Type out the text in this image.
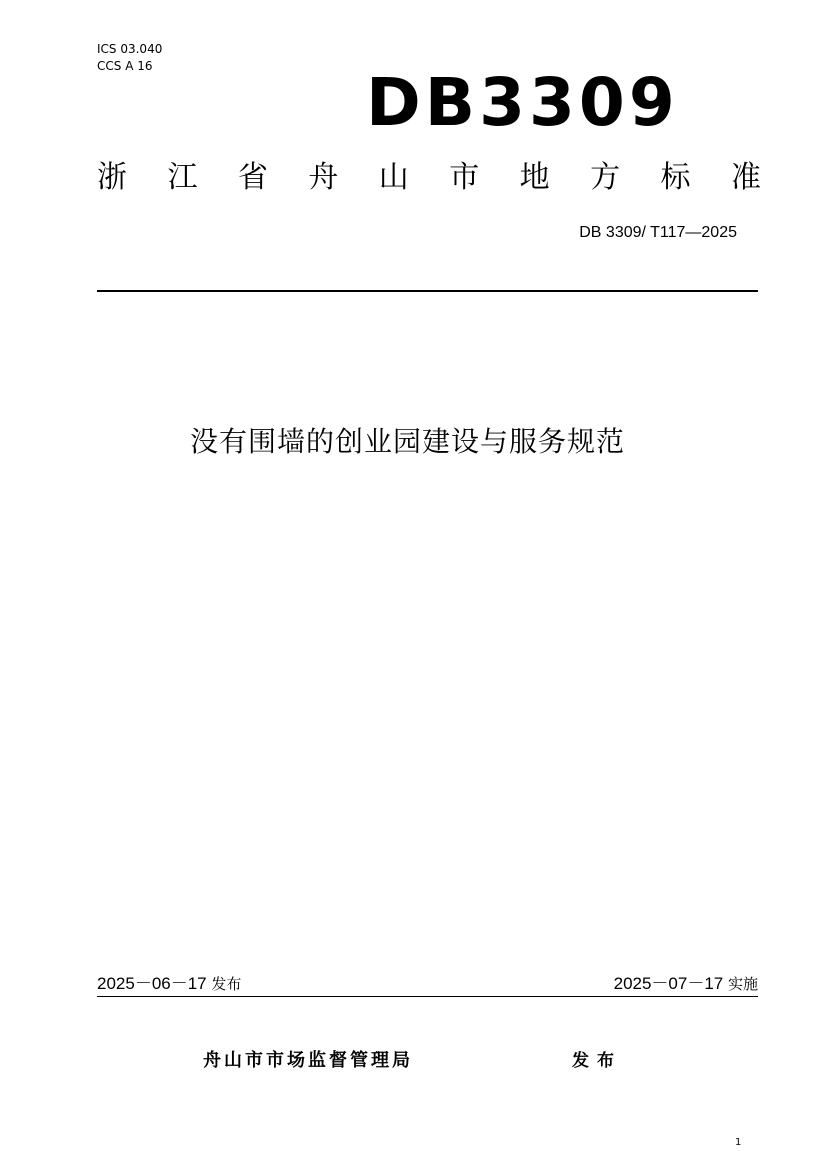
ICS 03.040
CCS A 16	DB3309
浙 江 省 舟 山 市 地 方 标 准
DB 3309/ T117—2025
没有围墙的创业园建设与服务规范
2025－06－17 发布	2025－07－17 实施
舟山市市场监督管理局	发布
1
